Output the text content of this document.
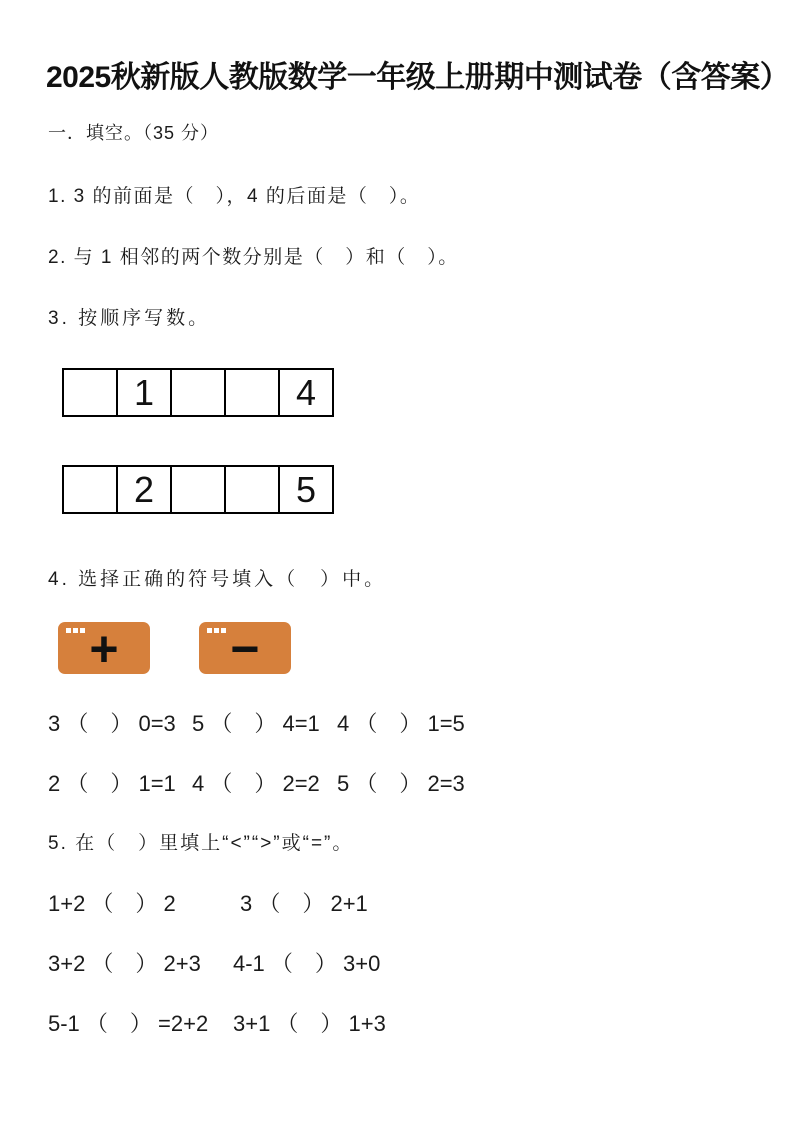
2025秋新版人教版数学一年级上册期中测试卷（含答案）
一．填空。（35 分）
1. 3 的前面是（　），4 的后面是（　）。
2. 与 1 相邻的两个数分别是（　）和（　）。
3. 按顺序写数。
	1			4
	2			5
4. 选择正确的符号填入（　）中。
+	−
3 （　） 0=3 5 （　） 4=1 4 （　） 1=5
2 （　） 1=1 4 （　） 2=2 5 （　） 2=3
5. 在（　）里填上“<”“>”或“=”。
1+2 （　） 2	3 （　） 2+1
3+2 （　） 2+3 4-1 （　） 3+0
5-1 （　） =2+2 3+1 （　） 1+3
